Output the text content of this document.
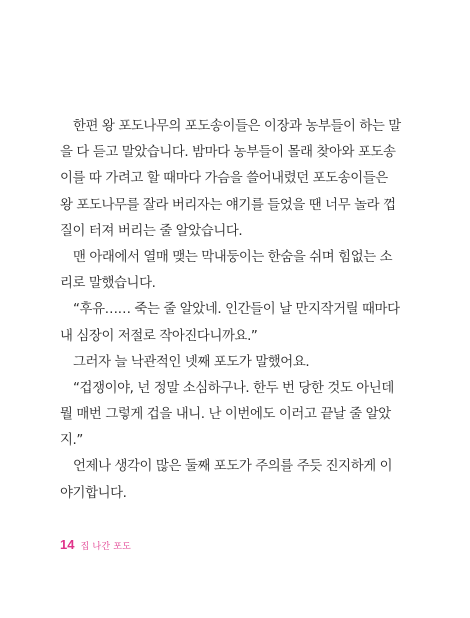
한편 왕 포도나무의 포도송이들은 이장과 농부들이 하는 말
을 다 듣고 말았습니다. 밤마다 농부들이 몰래 찾아와 포도송
이를 따 가려고 할 때마다 가슴을 쓸어내렸던 포도송이들은
왕 포도나무를 잘라 버리자는 얘기를 들었을 땐 너무 놀라 껍
질이 터져 버리는 줄 알았습니다.
맨 아래에서 열매 맺는 막내둥이는 한숨을 쉬며 힘없는 소
리로 말했습니다.
“후유…… 죽는 줄 알았네. 인간들이 날 만지작거릴 때마다
내 심장이 저절로 작아진다니까요.”
그러자 늘 낙관적인 넷째 포도가 말했어요.
“겁쟁이야, 넌 정말 소심하구나. 한두 번 당한 것도 아닌데
뭘 매번 그렇게 겁을 내니. 난 이번에도 이러고 끝날 줄 알았
지.”
언제나 생각이 많은 둘째 포도가 주의를 주듯 진지하게 이
야기합니다.
14 집 나간 포도
